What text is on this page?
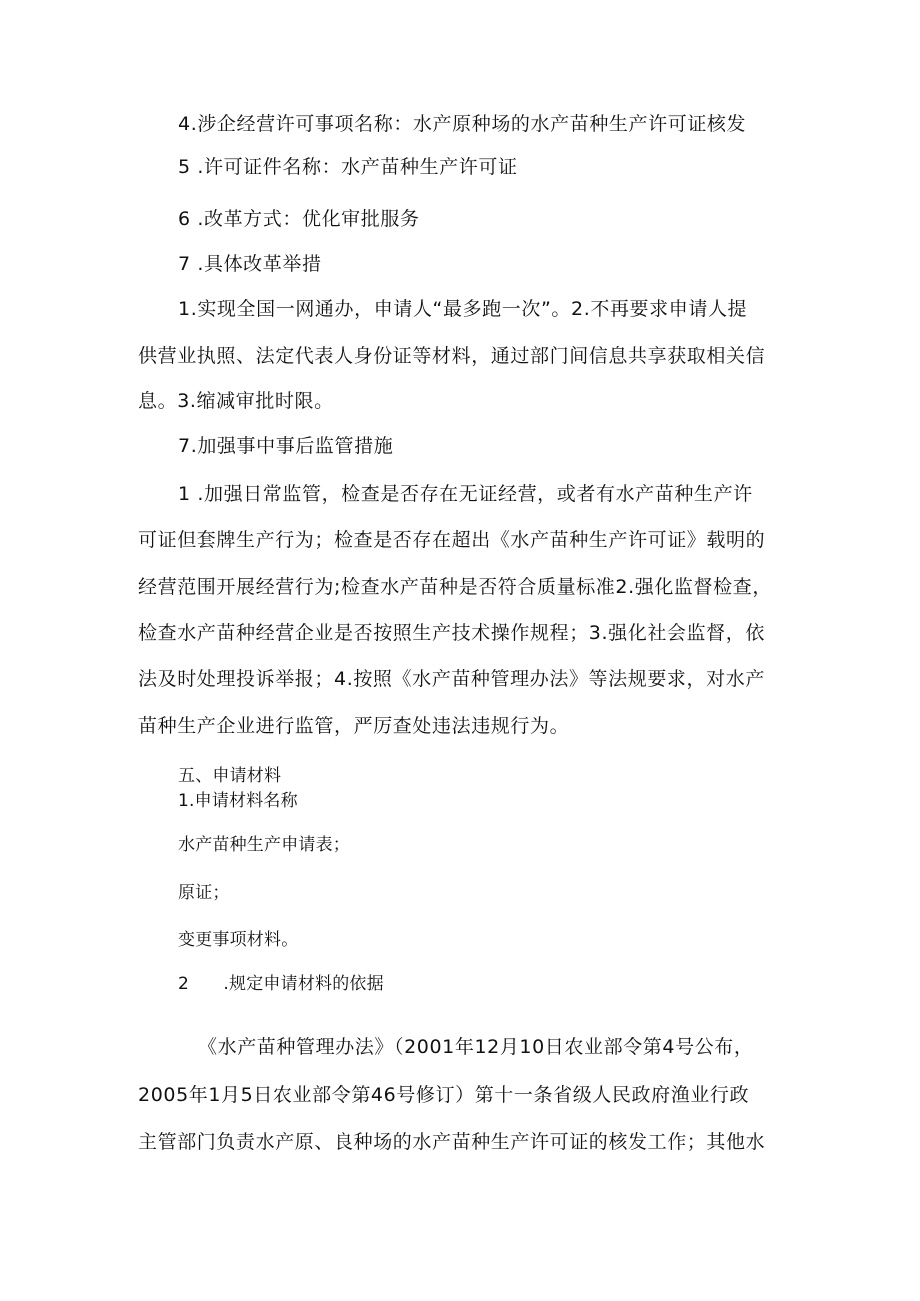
4.涉企经营许可事项名称：水产原种场的水产苗种生产许可证核发
5 .许可证件名称：水产苗种生产许可证
6 .改革方式：优化审批服务
7 .具体改革举措
1.实现全国一网通办，申请人“最多跑一次”。2.不再要求申请人提
供营业执照、法定代表人身份证等材料，通过部门间信息共享获取相关信
息。3.缩减审批时限。
7.加强事中事后监管措施
1 .加强日常监管，检查是否存在无证经营，或者有水产苗种生产许
可证但套牌生产行为；检查是否存在超出《水产苗种生产许可证》载明的
经营范围开展经营行为;检查水产苗种是否符合质量标准2.强化监督检查，
检查水产苗种经营企业是否按照生产技术操作规程；3.强化社会监督，依
法及时处理投诉举报；4.按照《水产苗种管理办法》等法规要求，对水产
苗种生产企业进行监管，严厉查处违法违规行为。
五、申请材料
1.申请材料名称
水产苗种生产申请表；
原证；
变更事项材料。
2　　.规定申请材料的依据
《水产苗种管理办法》（2001年12月10日农业部令第4号公布，
2005年1月5日农业部令第46号修订）第十一条省级人民政府渔业行政
主管部门负责水产原、良种场的水产苗种生产许可证的核发工作；其他水
